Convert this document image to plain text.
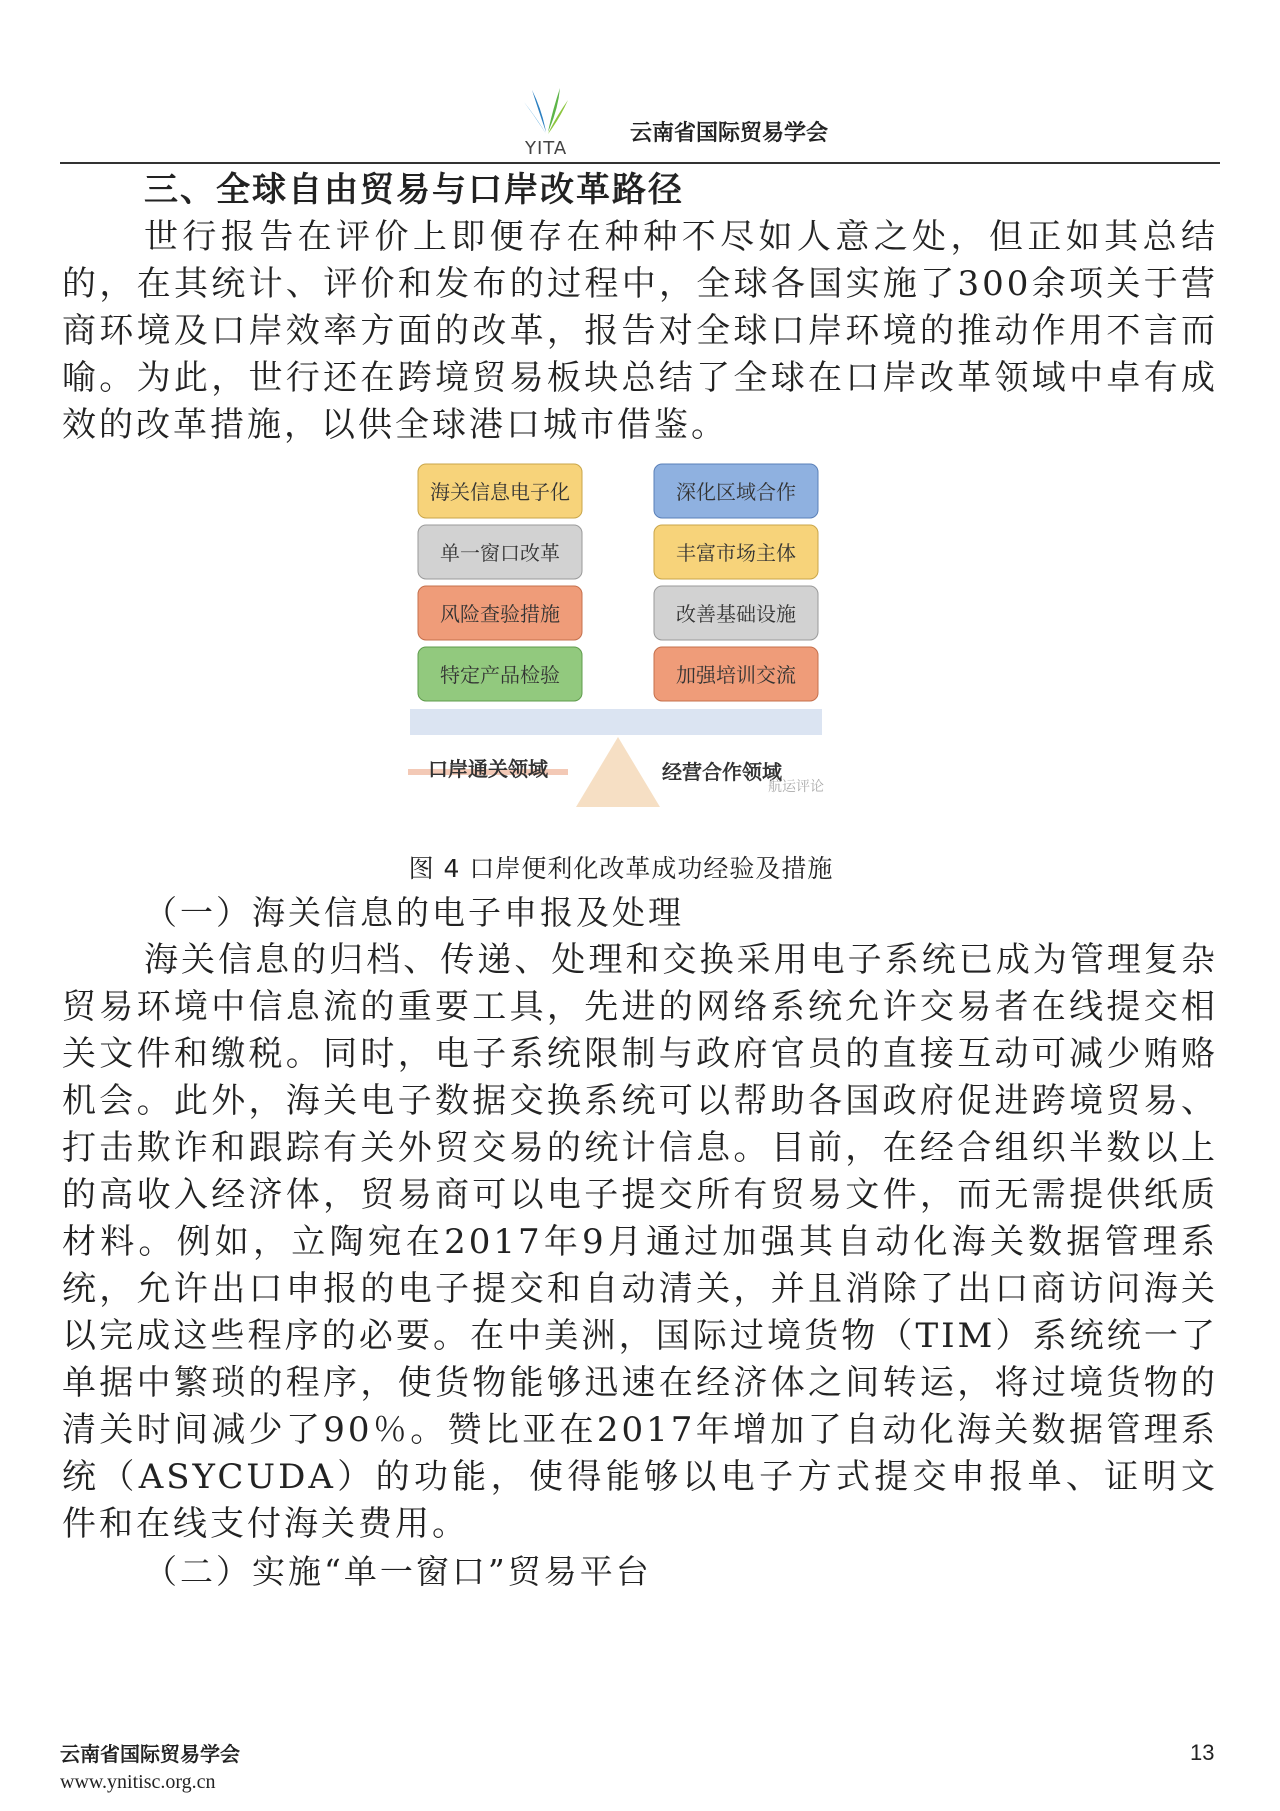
YITA
云南省国际贸易学会
三、全球自由贸易与口岸改革路径

世行报告在评价上即便存在种种不尽如人意之处，但正如其总结的，在其统计、评价和发布的过程中，全球各国实施了300余项关于营商环境及口岸效率方面的改革，报告对全球口岸环境的推动作用不言而喻。为此，世行还在跨境贸易板块总结了全球在口岸改革领域中卓有成效的改革措施，以供全球港口城市借鉴。

海关信息电子化
单一窗口改革
风险查验措施
特定产品检验
深化区域合作
丰富市场主体
改善基础设施
加强培训交流
口岸通关领域	经营合作领域
航运评论
图 4 口岸便利化改革成功经验及措施
（一）海关信息的电子申报及处理

海关信息的归档、传递、处理和交换采用电子系统已成为管理复杂贸易环境中信息流的重要工具，先进的网络系统允许交易者在线提交相关文件和缴税。同时，电子系统限制与政府官员的直接互动可减少贿赂机会。此外，海关电子数据交换系统可以帮助各国政府促进跨境贸易、打击欺诈和跟踪有关外贸交易的统计信息。目前，在经合组织半数以上的高收入经济体，贸易商可以电子提交所有贸易文件，而无需提供纸质材料。例如，立陶宛在2017年9月通过加强其自动化海关数据管理系统，允许出口申报的电子提交和自动清关，并且消除了出口商访问海关以完成这些程序的必要。在中美洲，国际过境货物（TIM）系统统一了单据中繁琐的程序，使货物能够迅速在经济体之间转运，将过境货物的清关时间减少了90％。赞比亚在2017年增加了自动化海关数据管理系统（ASYCUDA）的功能，使得能够以电子方式提交申报单、证明文件和在线支付海关费用。

（二）实施“单一窗口”贸易平台
云南省国际贸易学会
www.ynitisc.org.cn
13
